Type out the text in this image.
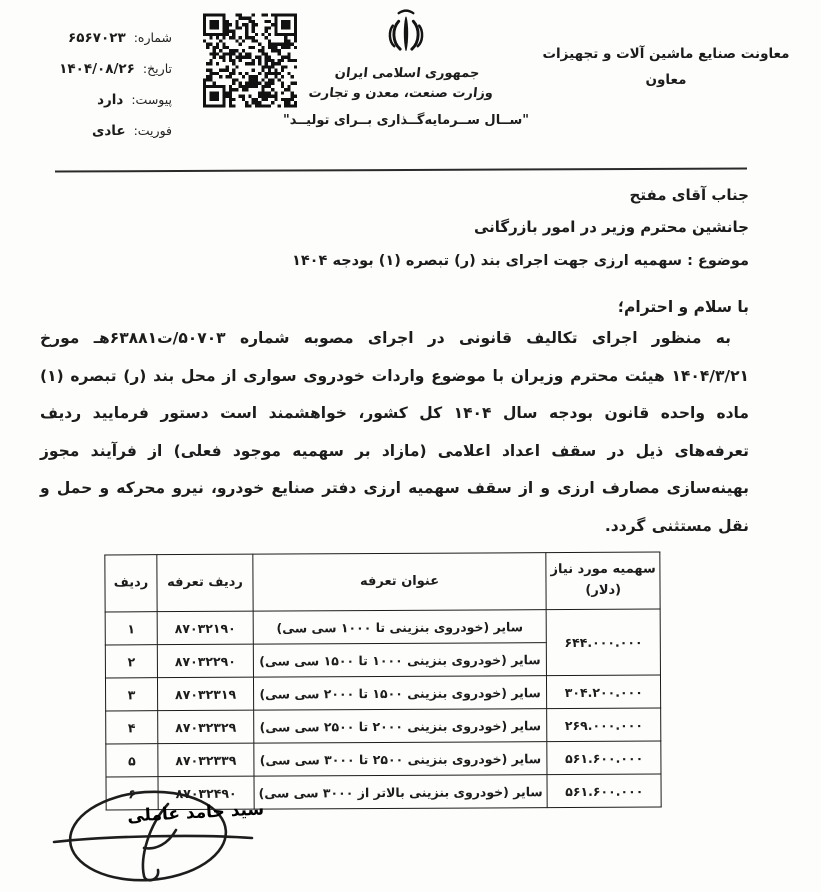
شماره:
۶۵۶۷۰۲۳
تاریخ:
۱۴۰۴/۰۸/۲۶
پیوست:
دارد
فوریت:
عادی
جمهوری اسلامی ایران
وزارت صنعت، معدن و تجارت
"ســال ســرمایه‌گــذاری بــرای تولیــد"
معاونت صنایع ماشین آلات و تجهیزات
معاون
جناب آقای مفتح
جانشین محترم وزیر در امور بازرگانی
موضوع : سهمیه ارزی جهت اجرای بند (ر) تبصره (۱) بودجه ۱۴۰۴
با سلام و احترام؛
به منظور اجرای تکالیف قانونی در اجرای مصوبه شماره ۵۰۷۰۳/ت۶۳۸۸۱هـ مورخ ۱۴۰۴/۳/۲۱ هیئت محترم وزیران با موضوع واردات خودروی سواری از محل بند (ر) تبصره (۱) ماده واحده قانون بودجه سال ۱۴۰۴ کل کشور، خواهشمند است دستور فرمایید ردیف تعرفه‌های ذیل در سقف اعداد اعلامی (مازاد بر سهمیه موجود فعلی) از فرآیند مجوز بهینه‌سازی مصارف ارزی و از سقف سهمیه ارزی دفتر صنایع خودرو، نیرو محرکه و حمل و نقل مستثنی گردد.
سهمیه مورد نیاز
(دلار)	عنوان تعرفه	ردیف تعرفه	ردیف
۶۴۴.۰۰۰.۰۰۰	سایر (خودروی بنزینی تا ۱۰۰۰ سی سی)	۸۷۰۳۲۱۹۰	۱
	سایر (خودروی بنزینی ۱۰۰۰ تا ۱۵۰۰ سی سی)	۸۷۰۳۲۲۹۰	۲
۳۰۴.۲۰۰.۰۰۰	سایر (خودروی بنزینی ۱۵۰۰ تا ۲۰۰۰ سی سی)	۸۷۰۳۲۳۱۹	۳
۲۶۹.۰۰۰.۰۰۰	سایر (خودروی بنزینی ۲۰۰۰ تا ۲۵۰۰ سی سی)	۸۷۰۳۲۳۲۹	۴
۵۶۱.۶۰۰.۰۰۰	سایر (خودروی بنزینی ۲۵۰۰ تا ۳۰۰۰ سی سی)	۸۷۰۳۲۳۳۹	۵
۵۶۱.۶۰۰.۰۰۰	سایر (خودروی بنزینی بالاتر از ۳۰۰۰ سی سی)	۸۷۰۳۲۴۹۰	۶
سید حامد عاملی
